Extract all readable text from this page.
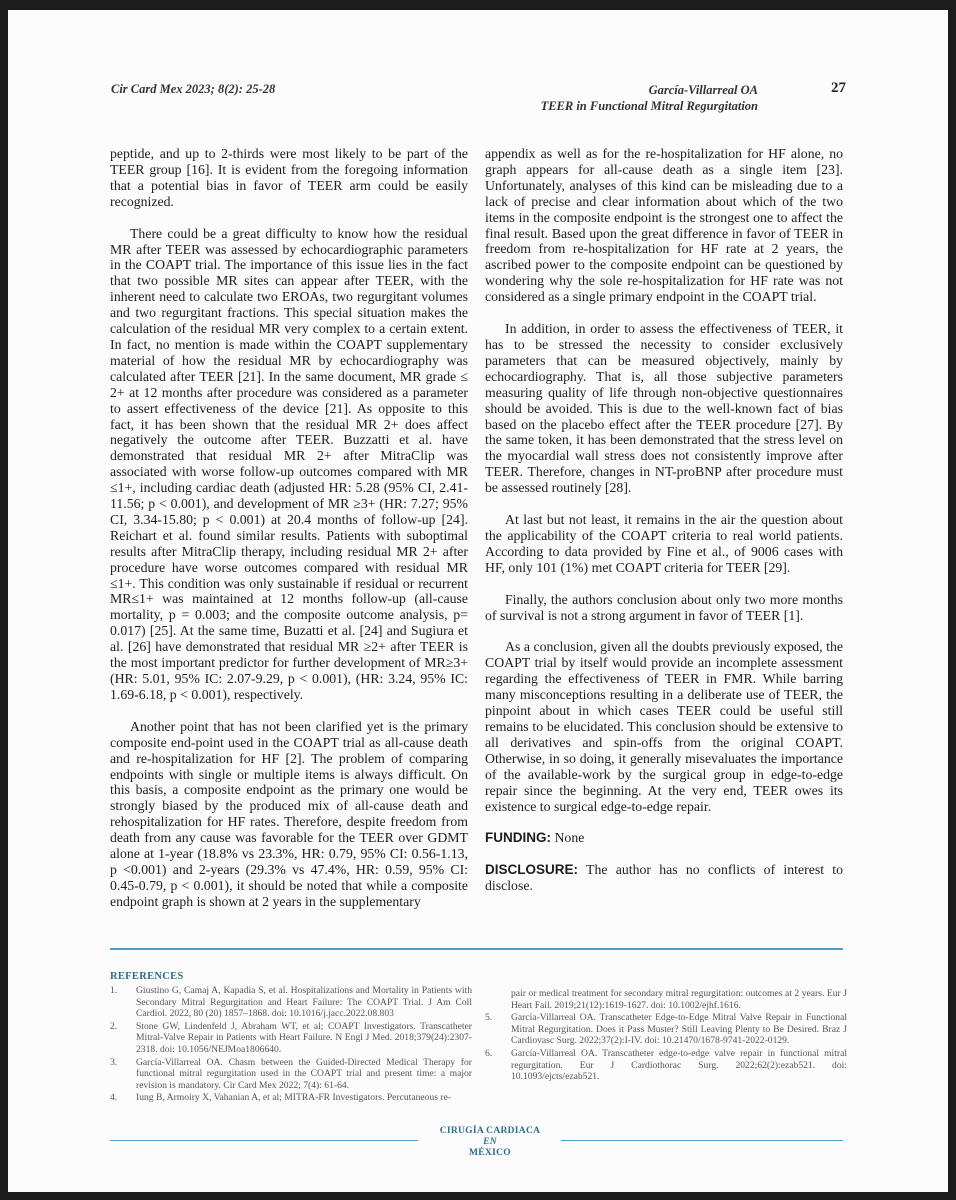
Cir Card Mex 2023; 8(2): 25-28	García-Villarreal OA
TEER in Functional Mitral Regurgitation
27

peptide, and up to 2-thirds were most likely to be part of the TEER group [16]. It is evident from the foregoing information that a potential bias in favor of TEER arm could be easily recognized.

There could be a great difficulty to know how the residual MR after TEER was assessed by echocardiographic parameters in the COAPT trial. The importance of this issue lies in the fact that two possible MR sites can appear after TEER, with the inherent need to calculate two EROAs, two regurgitant volumes and two regurgitant fractions. This special situation makes the calculation of the residual MR very complex to a certain extent. In fact, no mention is made within the COAPT supplementary material of how the residual MR by echocardiography was calculated after TEER [21]. In the same document, MR grade ≤ 2+ at 12 months after procedure was considered as a parameter to assert effectiveness of the device [21]. As opposite to this fact, it has been shown that the residual MR 2+ does affect negatively the outcome after TEER. Buzzatti et al. have demonstrated that residual MR 2+ after MitraClip was associated with worse follow-up outcomes compared with MR ≤1+, including cardiac death (adjusted HR: 5.28 (95% CI, 2.41-11.56; p < 0.001), and development of MR ≥3+ (HR: 7.27; 95% CI, 3.34-15.80; p < 0.001) at 20.4 months of follow-up [24]. Reichart et al. found similar results. Patients with suboptimal results after MitraClip therapy, including residual MR 2+ after procedure have worse outcomes compared with residual MR ≤1+. This condition was only sustainable if residual or recurrent MR≤1+ was maintained at 12 months follow-up (all-cause mortality, p = 0.003; and the composite outcome analysis, p= 0.017) [25]. At the same time, Buzatti et al. [24] and Sugiura et al. [26] have demonstrated that residual MR ≥2+ after TEER is the most important predictor for further development of MR≥3+ (HR: 5.01, 95% IC: 2.07-9.29, p < 0.001), (HR: 3.24, 95% IC: 1.69-6.18, p < 0.001), respectively.

Another point that has not been clarified yet is the primary composite end-point used in the COAPT trial as all-cause death and re-hospitalization for HF [2]. The problem of comparing endpoints with single or multiple items is always difficult. On this basis, a composite endpoint as the primary one would be strongly biased by the produced mix of all-cause death and rehospitalization for HF rates. Therefore, despite freedom from death from any cause was favorable for the TEER over GDMT alone at 1-year (18.8% vs 23.3%, HR: 0.79, 95% CI: 0.56-1.13, p <0.001) and 2-years (29.3% vs 47.4%, HR: 0.59, 95% CI: 0.45-0.79, p < 0.001), it should be noted that while a composite endpoint graph is shown at 2 years in the supplementary

appendix as well as for the re-hospitalization for HF alone, no graph appears for all-cause death as a single item [23]. Unfortunately, analyses of this kind can be misleading due to a lack of precise and clear information about which of the two items in the composite endpoint is the strongest one to affect the final result. Based upon the great difference in favor of TEER in freedom from re-hospitalization for HF rate at 2 years, the ascribed power to the composite endpoint can be questioned by wondering why the sole re-hospitalization for HF rate was not considered as a single primary endpoint in the COAPT trial.

In addition, in order to assess the effectiveness of TEER, it has to be stressed the necessity to consider exclusively parameters that can be measured objectively, mainly by echocardiography. That is, all those subjective parameters measuring quality of life through non-objective questionnaires should be avoided. This is due to the well-known fact of bias based on the placebo effect after the TEER procedure [27]. By the same token, it has been demonstrated that the stress level on the myocardial wall stress does not consistently improve after TEER. Therefore, changes in NT-proBNP after procedure must be assessed routinely [28].

At last but not least, it remains in the air the question about the applicability of the COAPT criteria to real world patients. According to data provided by Fine et al., of 9006 cases with HF, only 101 (1%) met COAPT criteria for TEER [29].

Finally, the authors conclusion about only two more months of survival is not a strong argument in favor of TEER [1].

As a conclusion, given all the doubts previously exposed, the COAPT trial by itself would provide an incomplete assessment regarding the effectiveness of TEER in FMR. While barring many misconceptions resulting in a deliberate use of TEER, the pinpoint about in which cases TEER could be useful still remains to be elucidated. This conclusion should be extensive to all derivatives and spin-offs from the original COAPT. Otherwise, in so doing, it generally misevaluates the importance of the available-work by the surgical group in edge-to-edge repair since the beginning. At the very end, TEER owes its existence to surgical edge-to-edge repair.

FUNDING: None

DISCLOSURE: The author has no conflicts of interest to disclose.

REFERENCES
1.	Giustino G, Camaj A, Kapadia S, et al. Hospitalizations and Mortality in Patients with Secondary Mitral Regurgitation and Heart Failure: The COAPT Trial. J Am Coll Cardiol. 2022, 80 (20) 1857–1868. doi: 10.1016/j.jacc.2022.08.803
2.	Stone GW, Lindenfeld J, Abraham WT, et al; COAPT Investigators. Transcatheter Mitral-Valve Repair in Patients with Heart Failure. N Engl J Med. 2018;379(24):2307-2318. doi: 10.1056/NEJMoa1806640.
3.	García-Villarreal OA. Chasm between the Guided-Directed Medical Therapy for functional mitral regurgitation used in the COAPT trial and present time: a major revision is mandatory. Cir Card Mex 2022; 7(4): 61-64.
4.	Iung B, Armoiry X, Vahanian A, et al; MITRA-FR Investigators. Percutaneous re-
pair or medical treatment for secondary mitral regurgitation: outcomes at 2 years. Eur J Heart Fail. 2019;21(12):1619-1627. doi: 10.1002/ejhf.1616.
5.	García-Villarreal OA. Transcatheter Edge-to-Edge Mitral Valve Repair in Functional Mitral Regurgitation. Does it Pass Muster? Still Leaving Plenty to Be Desired. Braz J Cardiovasc Surg. 2022;37(2):I-IV. doi: 10.21470/1678-9741-2022-0129.
6.	García-Villarreal OA. Transcatheter edge-to-edge valve repair in functional mitral regurgitation. Eur J Cardiothorac Surg. 2022;62(2):ezab521. doi: 10.1093/ejcts/ezab521.
CIRUGÍA CARDIACA
EN
MÉXICO
